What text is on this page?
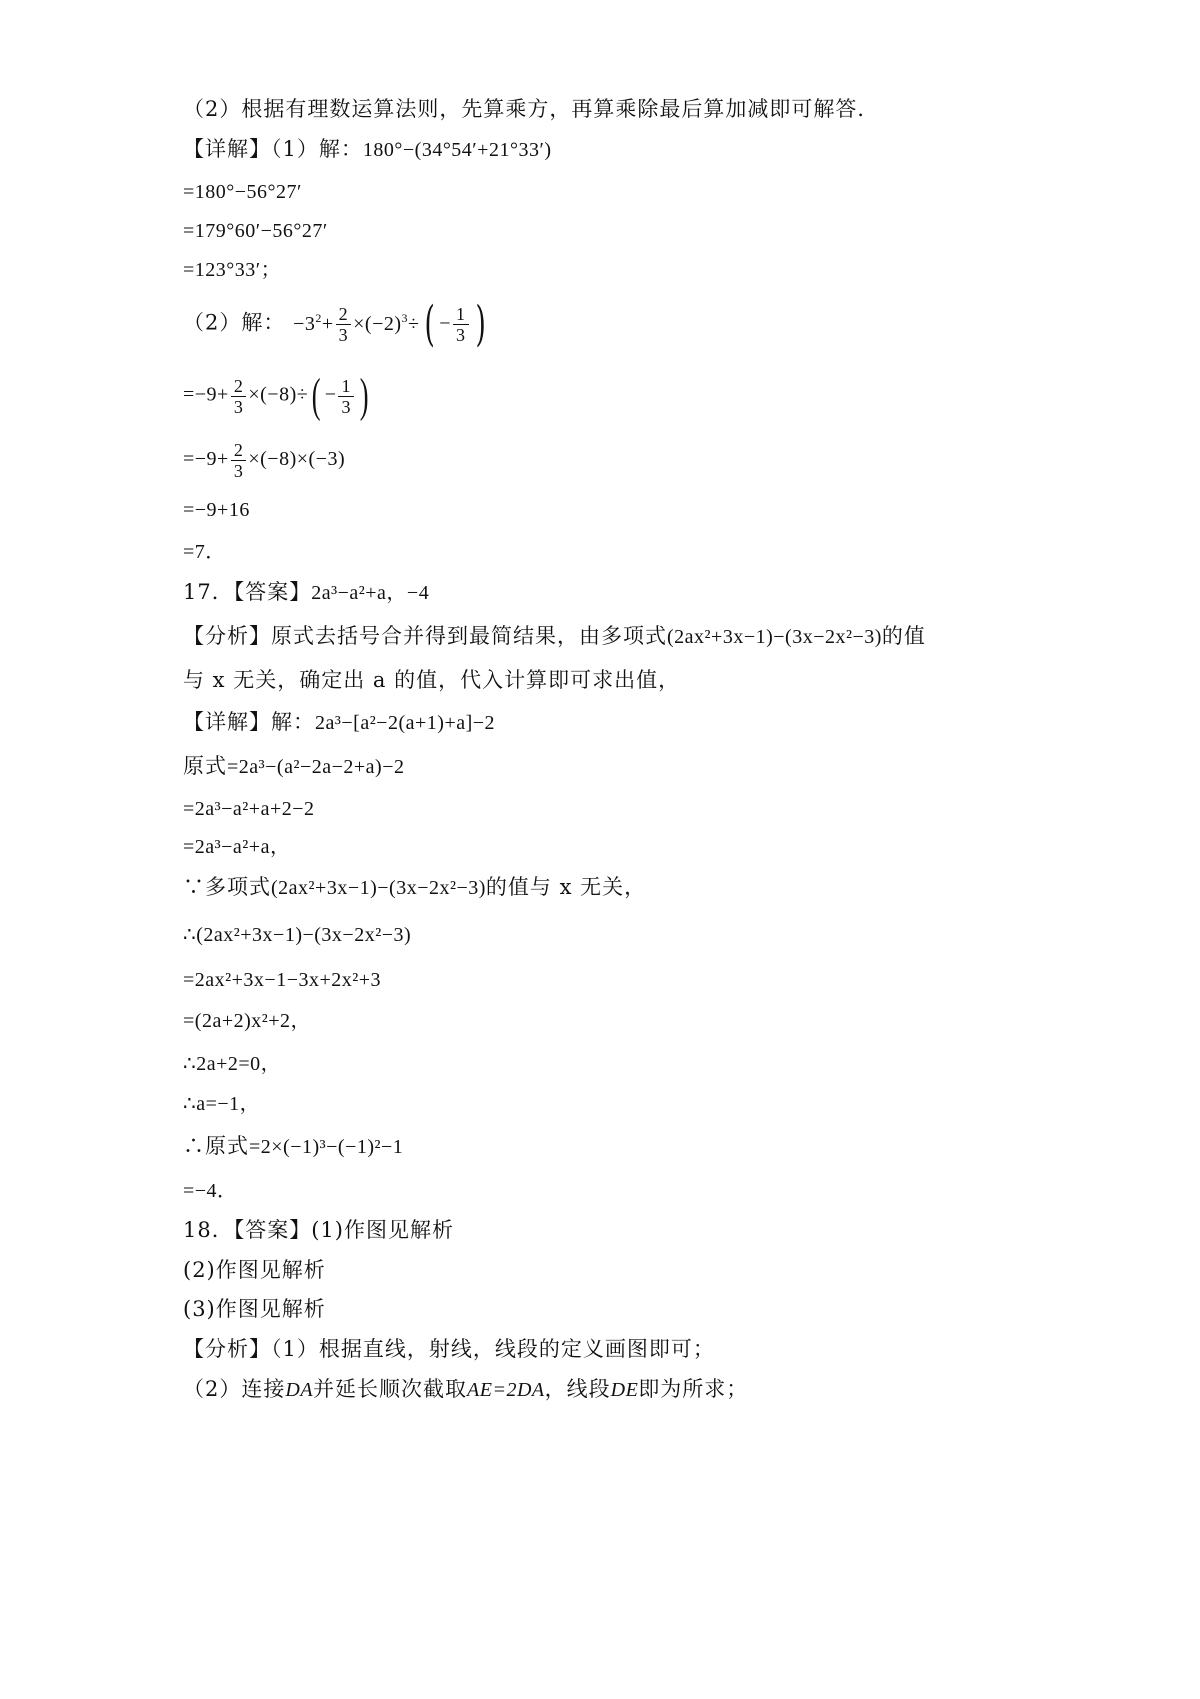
（2）根据有理数运算法则，先算乘方，再算乘除最后算加减即可解答．
【详解】（1）解：180°−(34°54′+21°33′)
=180°−56°27′
=179°60′−56°27′
=123°33′；
（2）解： $-3^2+ \frac{2}{3} \times(-2)^3\div( - \frac{1}{3}$ )
$=-9+ \frac{2}{3} \times(-8)\div( - \frac{1}{3}$ )
$=-9+ \frac{2}{3} \times(-8)\times(-3)$
=−9+16
=7．
17．【答案】2a³−a²+a，−4
【分析】原式去括号合并得到最简结果，由多项式(2ax²+3x−1)−(3x−2x²−3)的值
与 x 无关，确定出 a 的值，代入计算即可求出值，
【详解】解：2a³−[a²−2(a+1)+a]−2
原式=2a³−(a²−2a−2+a)−2
=2a³−a²+a+2−2
=2a³−a²+a，
∵多项式(2ax²+3x−1)−(3x−2x²−3)的值与 x 无关，
∴(2ax²+3x−1)−(3x−2x²−3)
=2ax²+3x−1−3x+2x²+3
=(2a+2)x²+2，
∴2a+2=0，
∴a=−1，
∴原式=2×(−1)³−(−1)²−1
=−4．
18．【答案】(1)作图见解析
(2)作图见解析
(3)作图见解析
【分析】（1）根据直线，射线，线段的定义画图即可；
（2）连接DA并延长顺次截取AE=2DA，线段DE即为所求；
